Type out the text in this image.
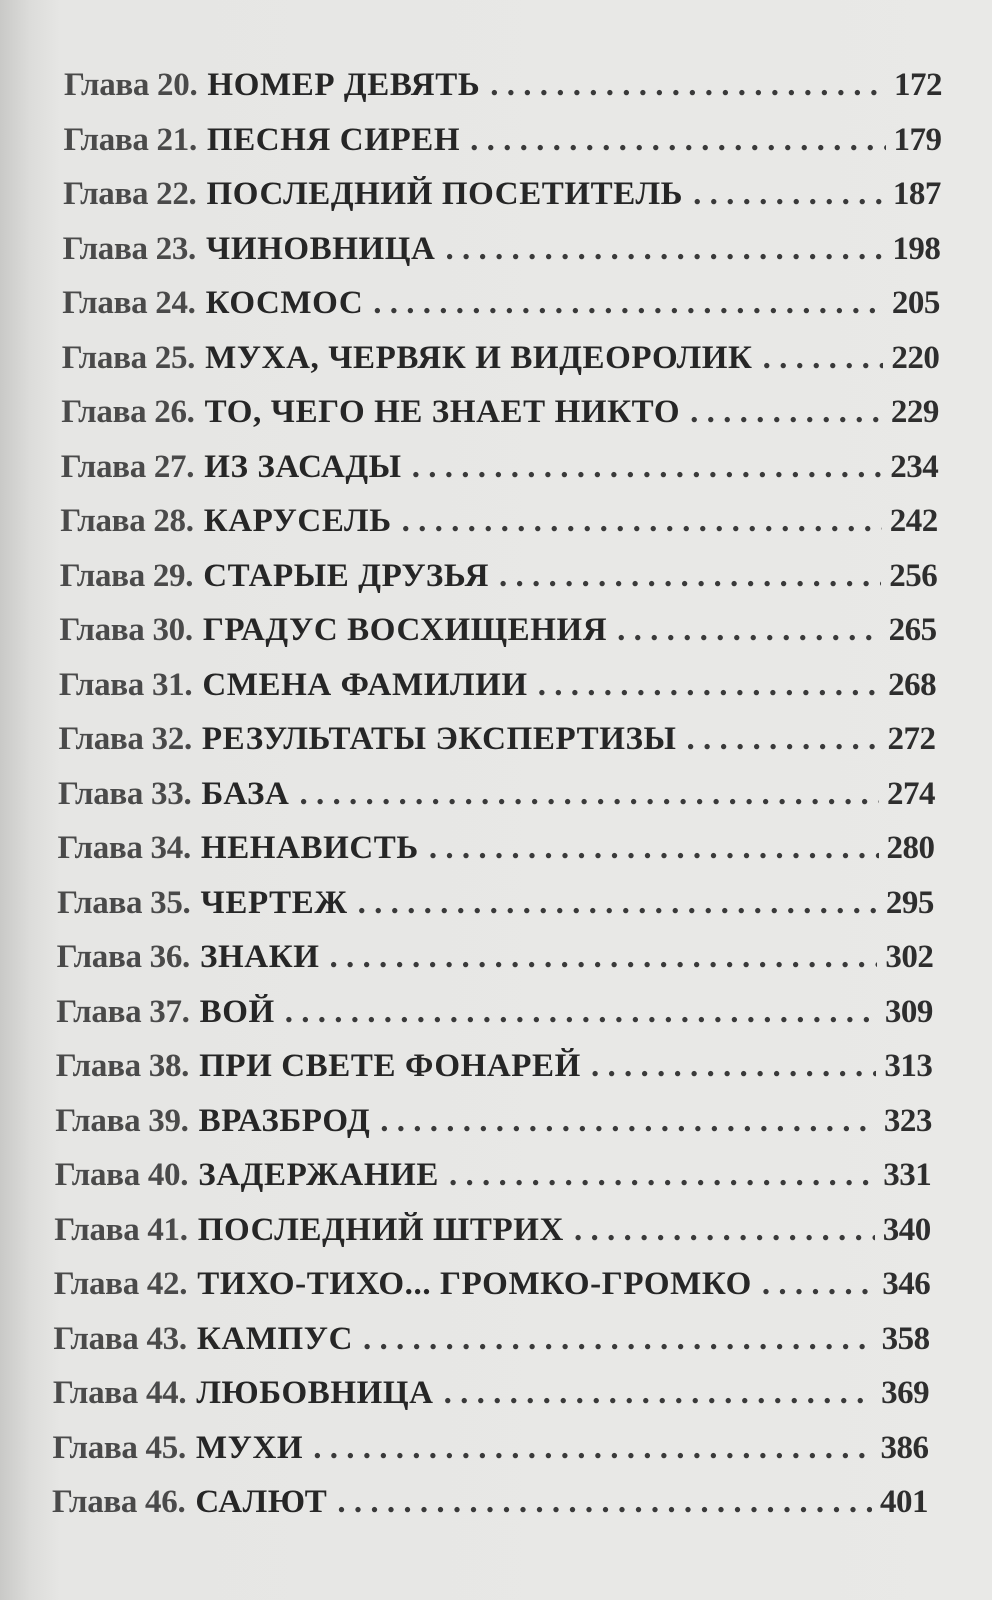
Глава 20. НОМЕР ДЕВЯТЬ . . .	172
Глава 21. ПЕСНЯ СИРЕН . . .	179
Глава 22. ПОСЛЕДНИЙ ПОСЕТИТЕЛЬ . . .	187
Глава 23. ЧИНОВНИЦА . . .	198
Глава 24. КОСМОС . . .	205
Глава 25. МУХА, ЧЕРВЯК И ВИДЕОРОЛИК . . .	220
Глава 26. ТО, ЧЕГО НЕ ЗНАЕТ НИКТО . . .	229
Глава 27. ИЗ ЗАСАДЫ . . .	234
Глава 28. КАРУСЕЛЬ . . .	242
Глава 29. СТАРЫЕ ДРУЗЬЯ . . .	256
Глава 30. ГРАДУС ВОСХИЩЕНИЯ . . .	265
Глава 31. СМЕНА ФАМИЛИИ . . .	268
Глава 32. РЕЗУЛЬТАТЫ ЭКСПЕРТИЗЫ . . .	272
Глава 33. БАЗА . . .	274
Глава 34. НЕНАВИСТЬ . . .	280
Глава 35. ЧЕРТЕЖ . . .	295
Глава 36. ЗНАКИ . . .	302
Глава 37. ВОЙ . . .	309
Глава 38. ПРИ СВЕТЕ ФОНАРЕЙ . . .	313
Глава 39. ВРАЗБРОД . . .	323
Глава 40. ЗАДЕРЖАНИЕ . . .	331
Глава 41. ПОСЛЕДНИЙ ШТРИХ . . .	340
Глава 42. ТИХО-ТИХО... ГРОМКО-ГРОМКО . . .	346
Глава 43. КАМПУС . . .	358
Глава 44. ЛЮБОВНИЦА . . .	369
Глава 45. МУХИ . . .	386
Глава 46. САЛЮТ . . .	401
